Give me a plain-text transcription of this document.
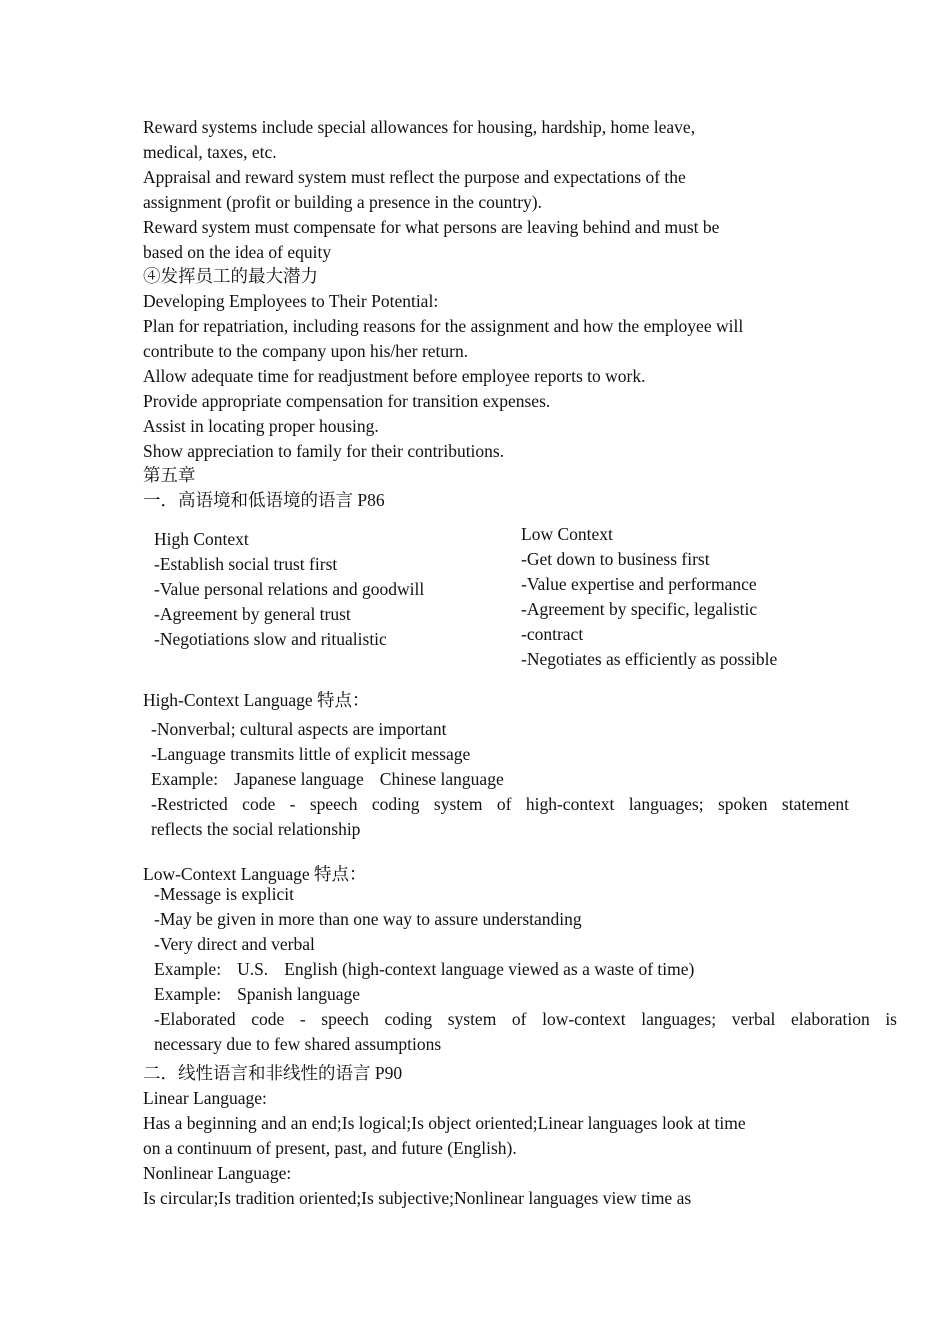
Reward systems include special allowances for housing, hardship, home leave,
medical, taxes, etc.
Appraisal and reward system must reflect the purpose and expectations of the
assignment (profit or building a presence in the country).
Reward system must compensate for what persons are leaving behind and must be
based on the idea of equity
④发挥员工的最大潜力
Developing Employees to Their Potential:
Plan for repatriation, including reasons for the assignment and how the employee will
contribute to the company upon his/her return.
Allow adequate time for readjustment before employee reports to work.
Provide appropriate compensation for transition expenses.
Assist in locating proper housing.
Show appreciation to family for their contributions.
第五章
一．高语境和低语境的语言 P86
High Context
-Establish social trust first
-Value personal relations and goodwill
-Agreement by general trust
-Negotiations slow and ritualistic
Low Context
-Get down to business first
-Value expertise and performance
-Agreement by specific, legalistic
-contract
-Negotiates as efficiently as possible
High-Context Language 特点：
-Nonverbal; cultural aspects are important
-Language transmits little of explicit message
Example: Japanese language Chinese language
-Restricted code - speech coding system of high-context languages; spoken statement
reflects the social relationship
Low-Context Language 特点：
-Message is explicit
-May be given in more than one way to assure understanding
-Very direct and verbal
Example: U.S. English (high-context language viewed as a waste of time)
Example: Spanish language
-Elaborated code - speech coding system of low-context languages; verbal elaboration is
necessary due to few shared assumptions
二．线性语言和非线性的语言 P90
Linear Language:
Has a beginning and an end;Is logical;Is object oriented;Linear languages look at time
on a continuum of present, past, and future (English).
Nonlinear Language:
Is circular;Is tradition oriented;Is subjective;Nonlinear languages view time as
